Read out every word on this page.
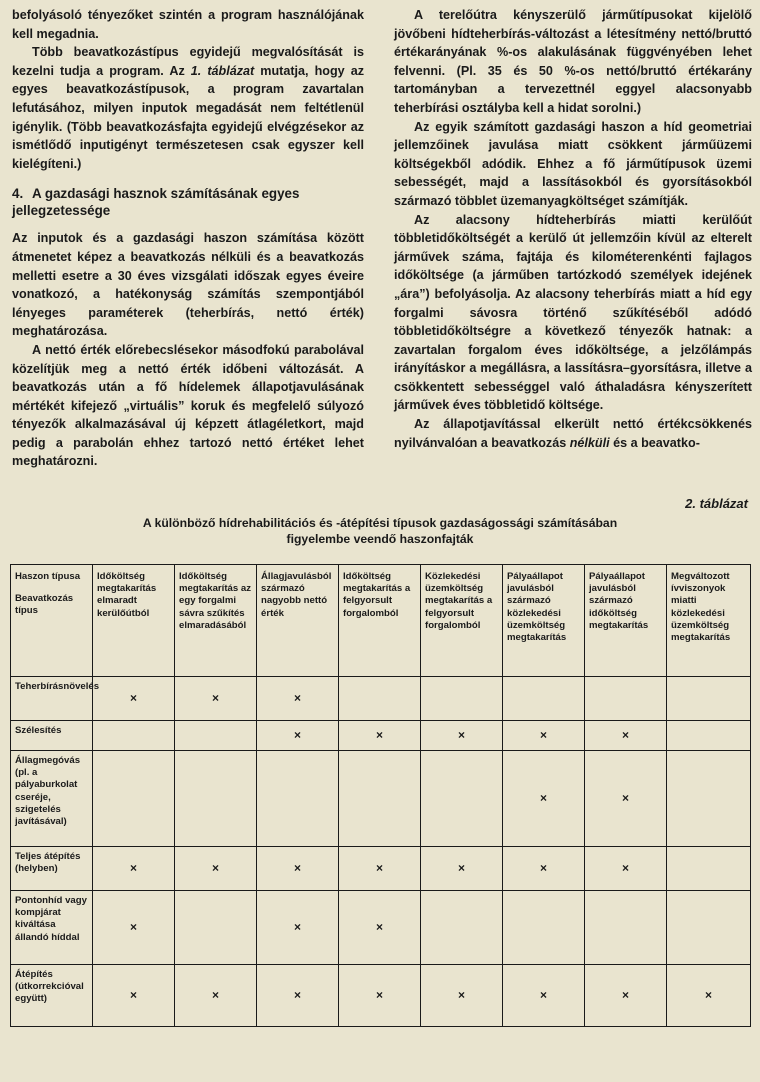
befolyásoló tényezőket szintén a program használójának kell megadnia.

Több beavatkozástípus egyidejű megvalósítását is kezelni tudja a program. Az 1. táblázat mutatja, hogy az egyes beavatkozástípusok, a program zavartalan lefutásához, milyen inputok megadását nem feltétlenül igénylik. (Több beavatkozásfajta egyidejű elvégzésekor az ismétlődő inputigényt természetesen csak egyszer kell kielégíteni.)

4. A gazdasági hasznok számításának egyes jellegzetessége

Az inputok és a gazdasági haszon számítása között átmenetet képez a beavatkozás nélküli és a beavatkozás melletti esetre a 30 éves vizsgálati időszak egyes éveire vonatkozó, a hatékonyság számítás szempontjából lényeges paraméterek (teherbírás, nettó érték) meghatározása.

A nettó érték előrebecslésekor másodfokú parabolával közelítjük meg a nettó érték időbeni változását. A beavatkozás után a fő hídelemek állapotjavulásának mértékét kifejező „virtuális” koruk és megfelelő súlyozó tényezők alkalmazásával új képzett átlagéletkort, majd pedig a parabolán ehhez tartozó nettó értéket lehet meghatározni.

A terelőútra kényszerülő járműtípusokat kijelölő jövőbeni hídteherbírás-változást a létesítmény nettó/bruttó értékarányának %-os alakulásának függvényében lehet felvenni. (Pl. 35 és 50 %-os nettó/bruttó értékarány tartományban a tervezettnél eggyel alacsonyabb teherbírási osztályba kell a hidat sorolni.)

Az egyik számított gazdasági haszon a híd geometriai jellemzőinek javulása miatt csökkent járműüzemi költségekből adódik. Ehhez a fő járműtípusok üzemi sebességét, majd a lassításokból és gyorsításokból származó többlet üzemanyagköltséget számítják.

Az alacsony hídteherbírás miatti kerülőút többletidőköltségét a kerülő út jellemzőin kívül az elterelt járművek száma, fajtája és kilométerenkénti fajlagos időköltsége (a járműben tartózkodó személyek idejének „ára”) befolyásolja. Az alacsony teherbírás miatt a híd egy forgalmi sávosra történő szűkítéséből adódó többletidőköltségre a következő tényezők hatnak: a zavartalan forgalom éves időköltsége, a jelzőlámpás irányításkor a megállásra, a lassításra–gyorsításra, illetve a csökkentett sebességgel való áthaladásra kényszerített járművek éves többletidő költsége.

Az állapotjavítással elkerült nettó értékcsökkenés nyilvánvalóan a beavatkozás nélküli és a beavatko-

2. táblázat
A különböző hídrehabilitációs és -átépítési típusok gazdaságossági számításában
figyelembe veendő haszonfajták
Haszon típusa
Beavatkozás típus	Időköltség megtakarítás elmaradt kerülőútból	Időköltség megtakarítás az egy forgalmi sávra szűkítés elmaradásából	Állagjavulásból származó nagyobb nettó érték	Időköltség megtakarítás a felgyorsult forgalomból	Közlekedési üzemköltség megtakarítás a felgyorsult forgalomból	Pályaállapot javulásból származó közlekedési üzemköltség megtakarítás	Pályaállapot javulásból származó időköltség megtakarítás	Megváltozott ívviszonyok miatti közlekedési üzemköltség megtakarítás
Teherbírásnövelés	×	×	×					
Szélesítés			×	×	×	×	×	
Állagmegóvás (pl. a pályaburkolat cseréje, szigetelés javításával)						×	×	
Teljes átépítés (helyben)	×	×	×	×	×	×	×	
Pontonhíd vagy kompjárat kiváltása állandó híddal	×		×	×				
Átépítés (útkorrekcióval együtt)	×	×	×	×	×	×	×	×
